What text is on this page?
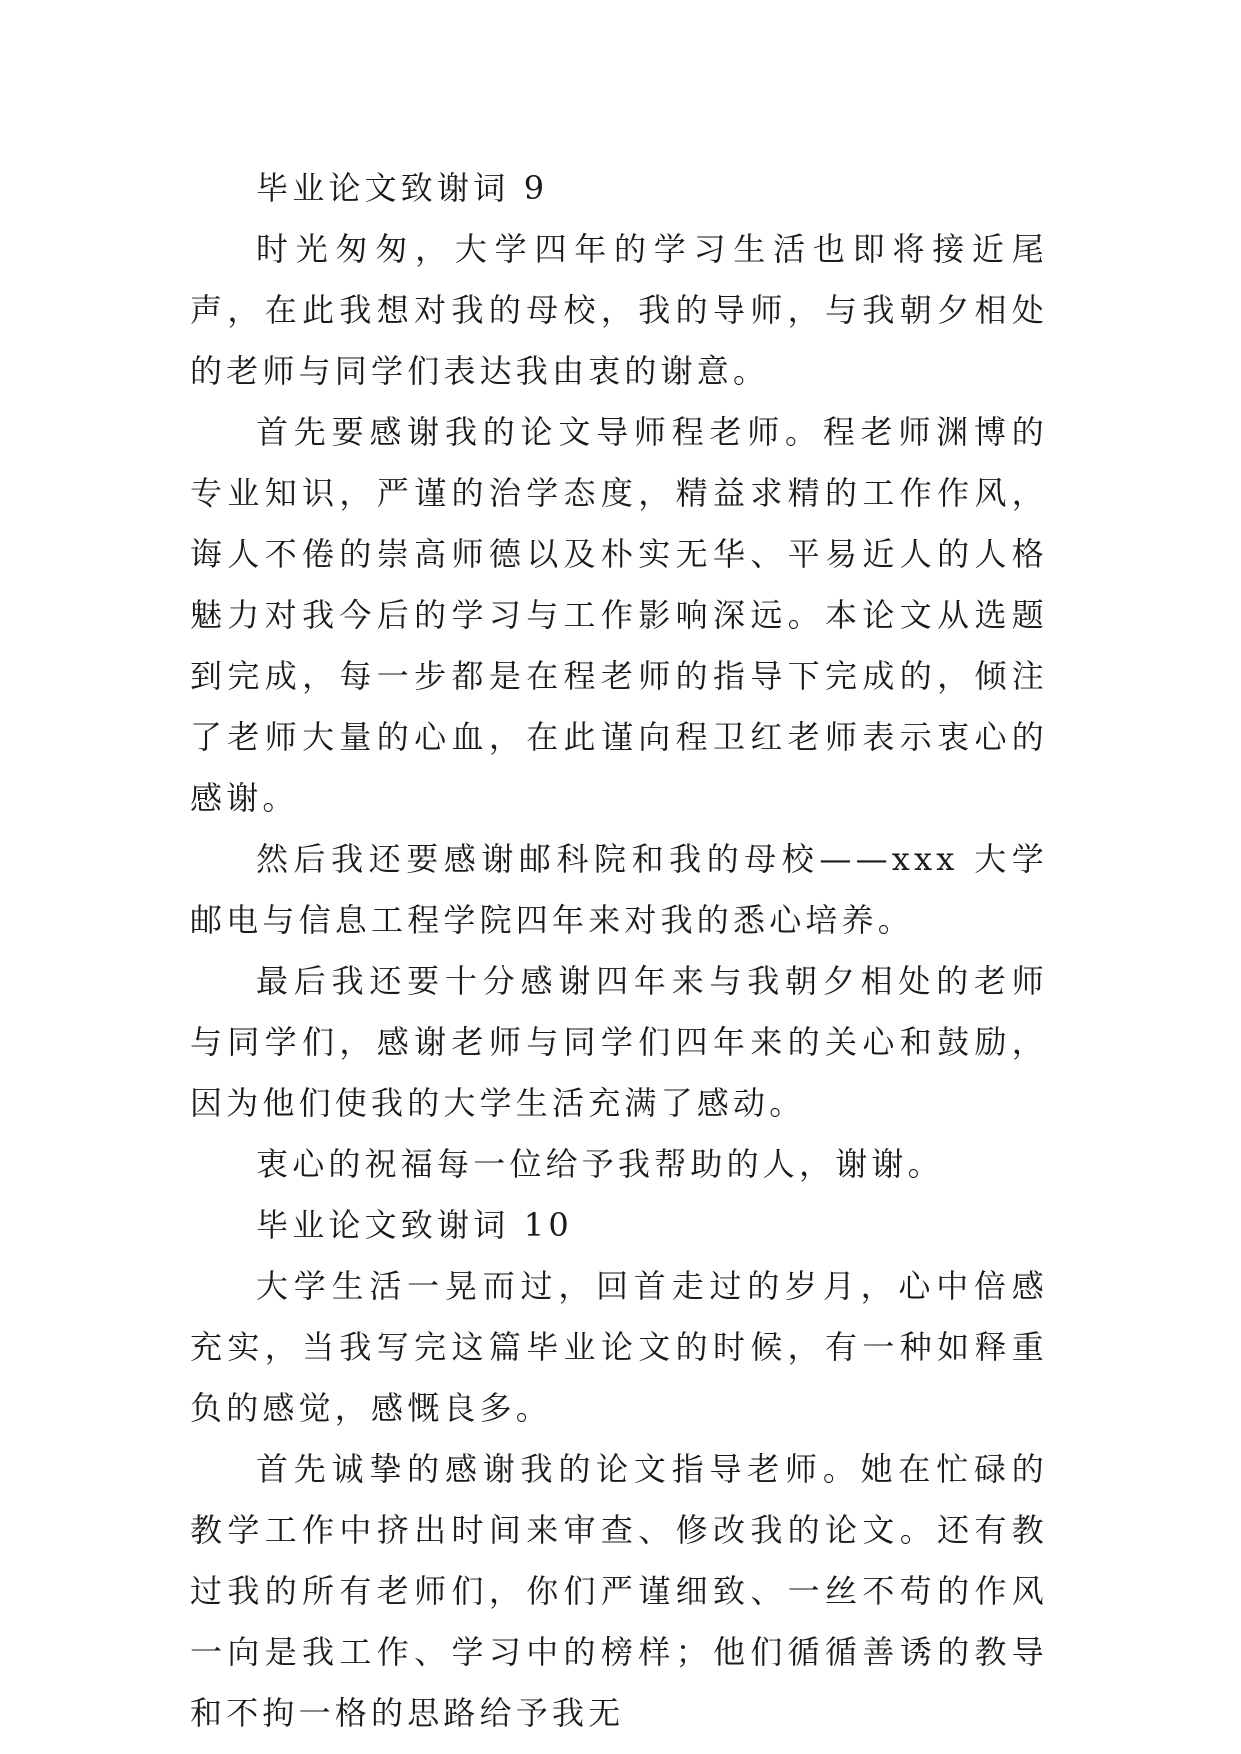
毕业论文致谢词 9

时光匆匆，大学四年的学习生活也即将接近尾声，在此我想对我的母校，我的导师，与我朝夕相处的老师与同学们表达我由衷的谢意。

首先要感谢我的论文导师程老师。程老师渊博的专业知识，严谨的治学态度，精益求精的工作作风，诲人不倦的崇高师德以及朴实无华、平易近人的人格魅力对我今后的学习与工作影响深远。本论文从选题到完成，每一步都是在程老师的指导下完成的，倾注了老师大量的心血，在此谨向程卫红老师表示衷心的感谢。

然后我还要感谢邮科院和我的母校——xxx 大学邮电与信息工程学院四年来对我的悉心培养。

最后我还要十分感谢四年来与我朝夕相处的老师与同学们，感谢老师与同学们四年来的关心和鼓励，因为他们使我的大学生活充满了感动。

衷心的祝福每一位给予我帮助的人，谢谢。

毕业论文致谢词 10

大学生活一晃而过，回首走过的岁月，心中倍感充实，当我写完这篇毕业论文的时候，有一种如释重负的感觉，感慨良多。

首先诚挚的感谢我的论文指导老师。她在忙碌的教学工作中挤出时间来审查、修改我的论文。还有教过我的所有老师们，你们严谨细致、一丝不苟的作风一向是我工作、学习中的榜样；他们循循善诱的教导和不拘一格的思路给予我无
